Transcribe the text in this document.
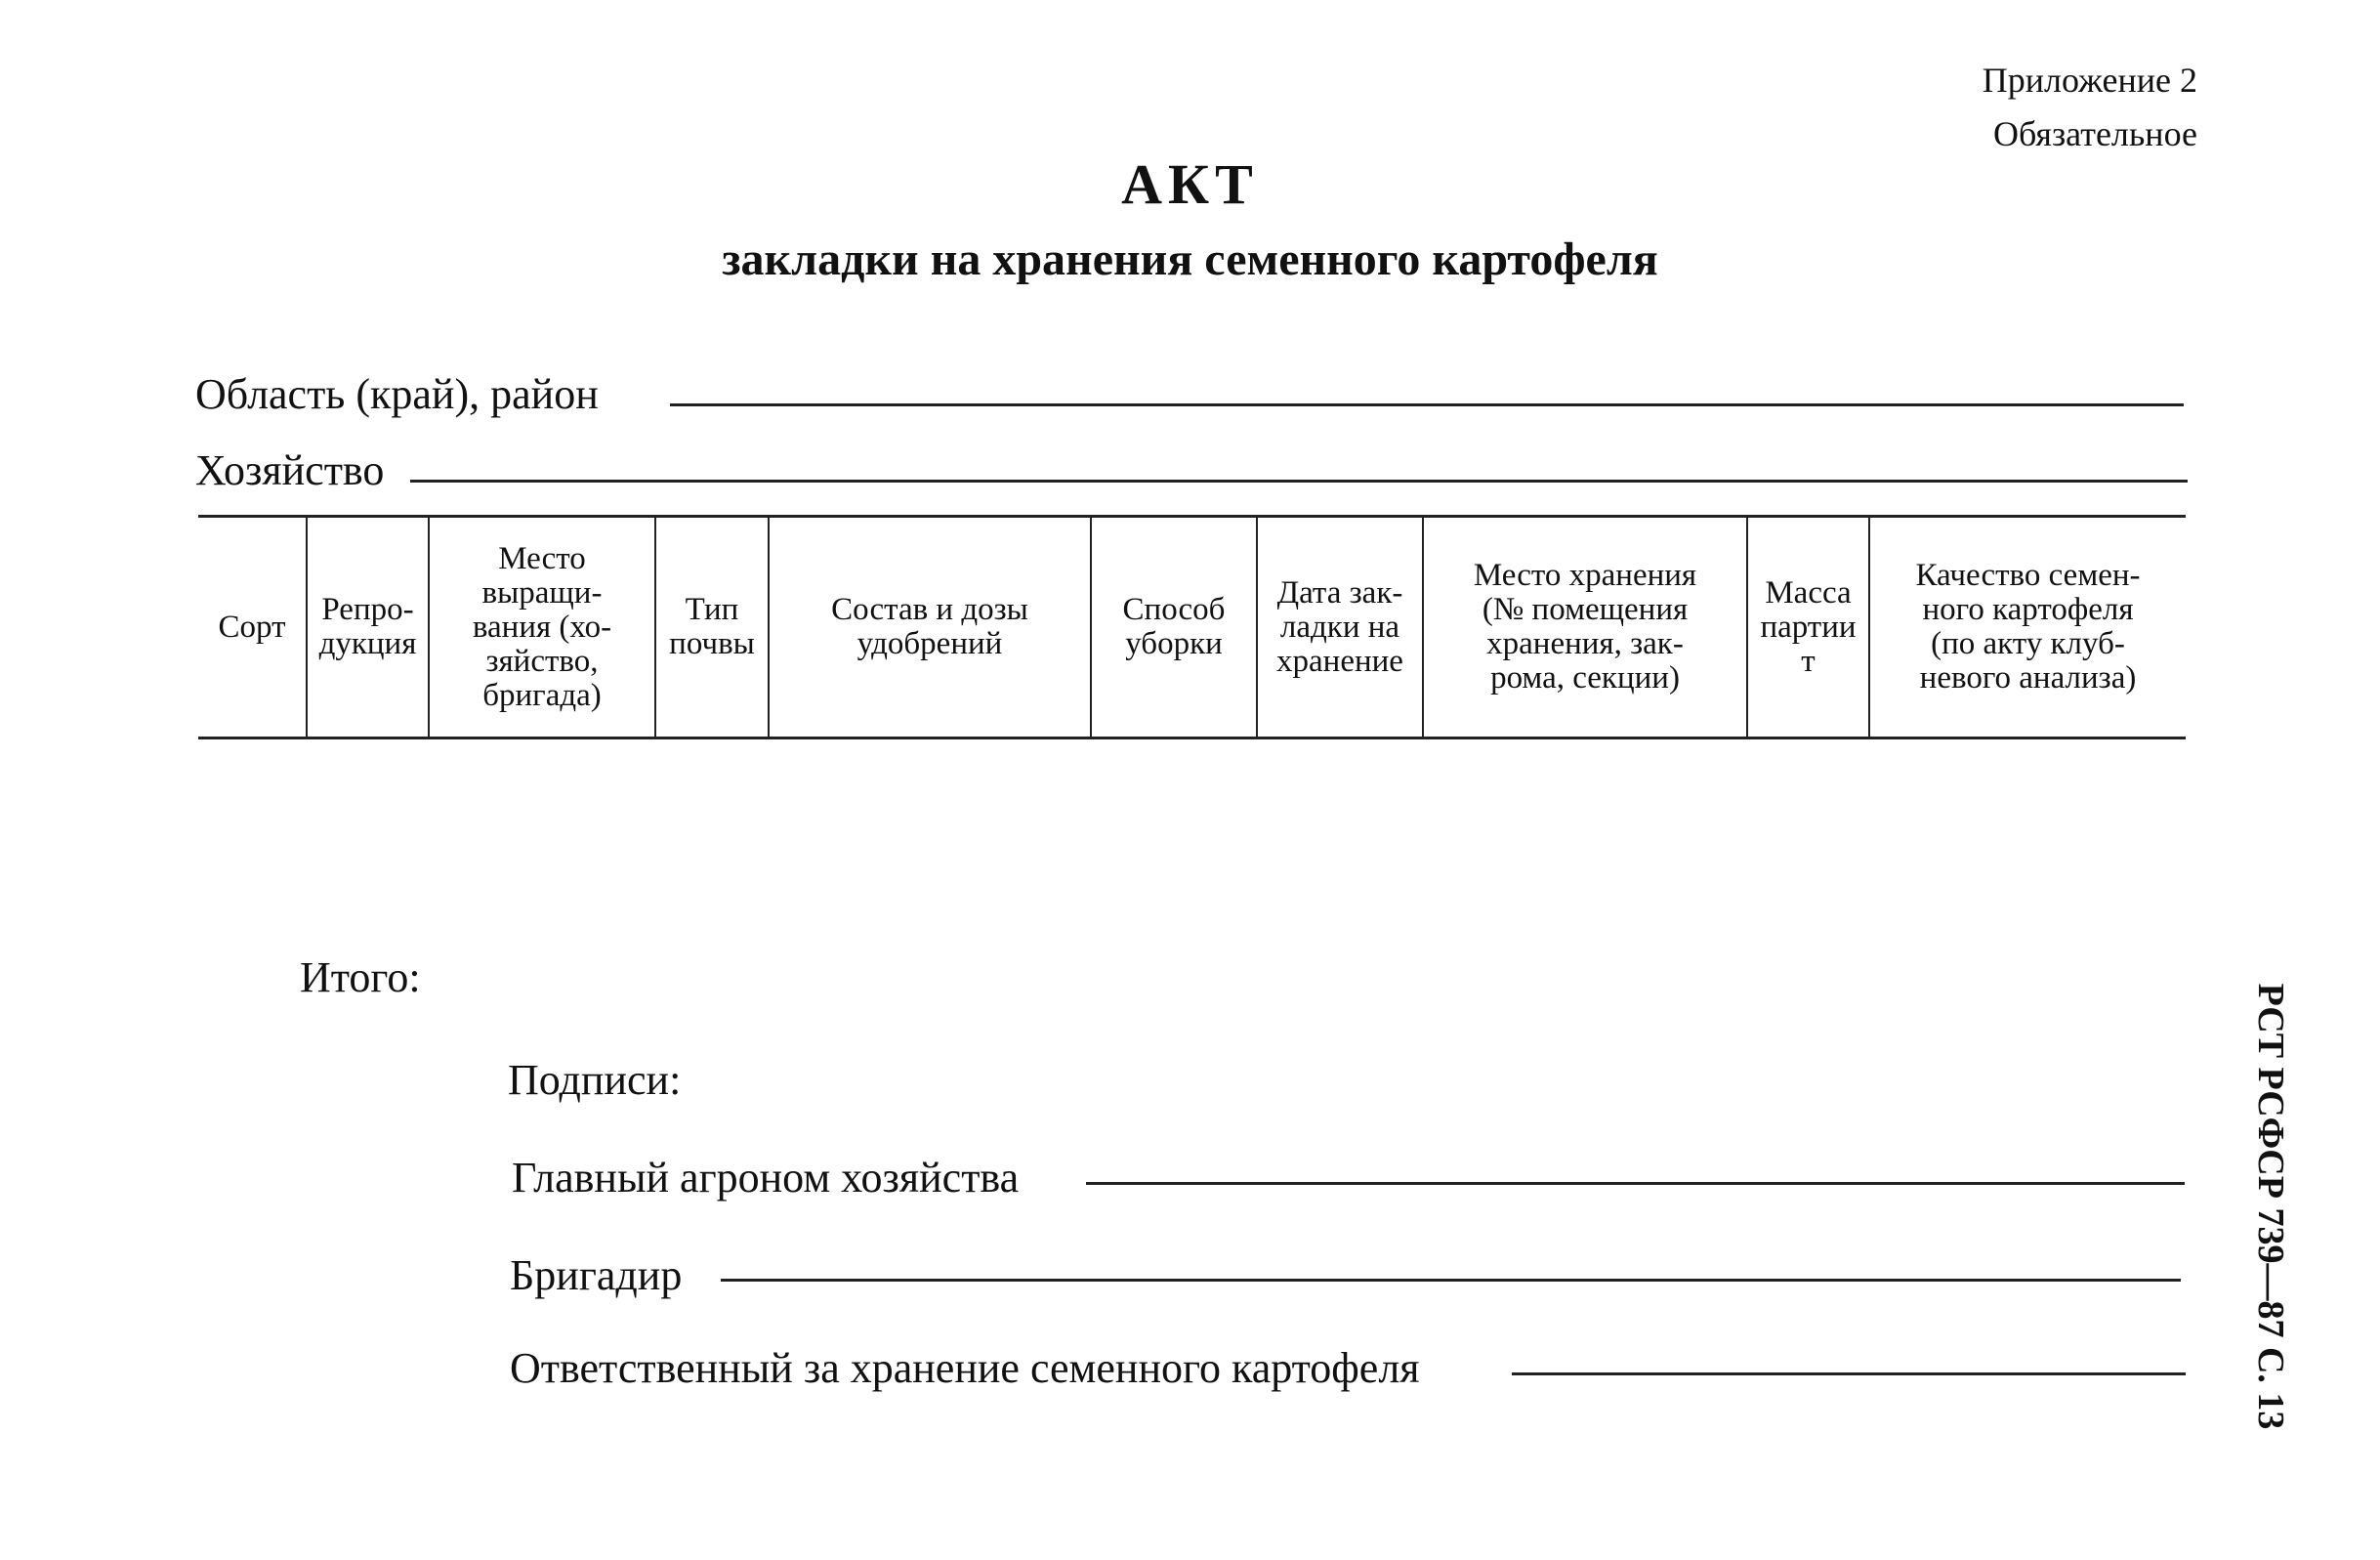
Приложение 2
Обязательное
АКТ
закладки на хранения семенного картофеля
Область (край), район
Хозяйство
Сорт Репро-
дукция
Место
выращи-
вания (хо-
зяйство,
бригада)
Тип
почвы
Состав и дозы
удобрений
Способ
уборки
Дата зак-
ладки на
хранение
Место хранения
(№ помещения
хранения, зак-
рома, секции)
Масса
партии
т
Качество семен-
ного картофеля
(по акту клуб-
невого анализа)
Итого:
Подписи:
Главный агроном хозяйства
Бригадир
Ответственный за хранение семенного картофеля	РСТ РСФСР 739—87 С. 13
